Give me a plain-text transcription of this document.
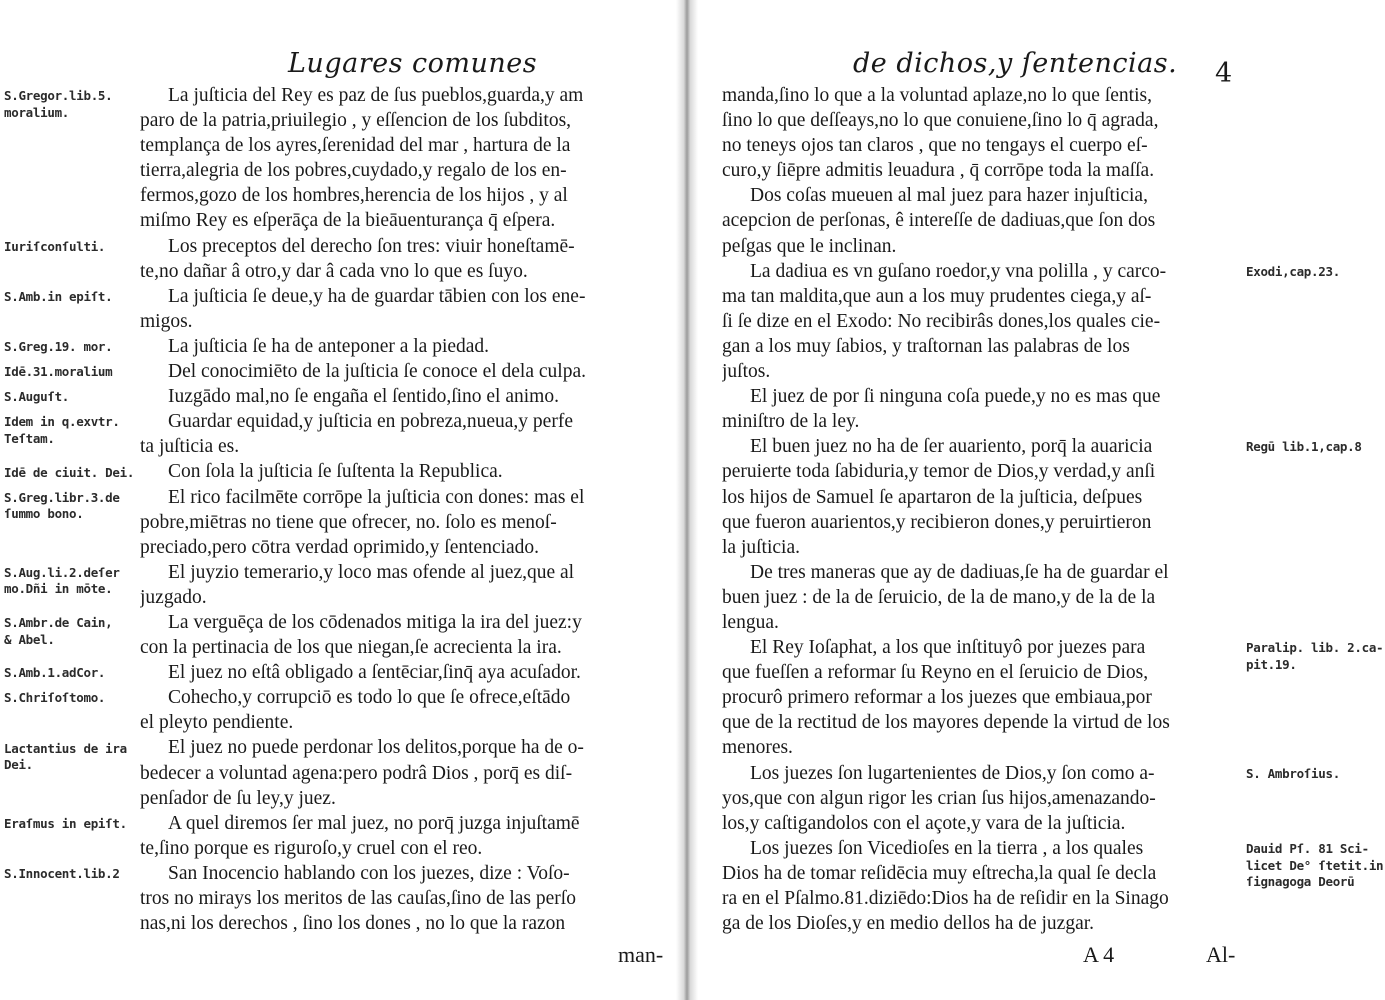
Lugares comunes
S.Gregor.lib.5.
moralium.
Iuriſconſulti.
S.Amb.in epiſt.
S.Greg.19. mor.
Idē.31.moralium
S.Auguſt.
Idem in q.exvtr.
Teſtam.
Idē de ciuit. Dei.
S.Greg.libr.3.de
ſummo bono.
S.Aug.li.2.deſer
mo.Dñi in mōte.
S.Ambr.de Cain,
& Abel.
S.Amb.1.adCor.
S.Chriſoſtomo.
Lactantius de ira
Dei.
Eraſmus in epiſt.
S.Innocent.lib.2
La juſticia del Rey es paz de ſus pueblos,guarda,y am
paro de la patria,priuilegio , y eſſencion de los ſubditos,
templança de los ayres,ſerenidad del mar , hartura de la
tierra,alegria de los pobres,cuydado,y regalo de los en-
fermos,gozo de los hombres,herencia de los hijos , y al
miſmo Rey es eſperāça de la bieāuenturança q̄ eſpera.
Los preceptos del derecho ſon tres: viuir honeſtamē-
te,no dañar â otro,y dar â cada vno lo que es ſuyo.
La juſticia ſe deue,y ha de guardar tābien con los ene-
migos.
La juſticia ſe ha de anteponer a la piedad.
Del conocimiēto de la juſticia ſe conoce el dela culpa.
Iuzgādo mal,no ſe engaña el ſentido,ſino el animo.
Guardar equidad,y juſticia en pobreza,nueua,y perfe
ta juſticia es.
Con ſola la juſticia ſe ſuſtenta la Republica.
El rico facilmēte corrōpe la juſticia con dones: mas el
pobre,miētras no tiene que ofrecer, no. ſolo es menoſ-
preciado,pero cōtra verdad oprimido,y ſentenciado.
El juyzio temerario,y loco mas ofende al juez,que al
juzgado.
La verguēça de los cōdenados mitiga la ira del juez:y
con la pertinacia de los que niegan,ſe acrecienta la ira.
El juez no eſtâ obligado a ſentēciar,ſinq̄ aya acuſador.
Cohecho,y corrupciō es todo lo que ſe ofrece,eſtādo
el pleyto pendiente.
El juez no puede perdonar los delitos,porque ha de o-
bedecer a voluntad agena:pero podrâ Dios , porq̄ es diſ-
penſador de ſu ley,y juez.
A quel diremos ſer mal juez, no porq̄ juzga injuſtamē
te,ſino porque es riguroſo,y cruel con el reo.
San Inocencio hablando con los juezes, dize : Voſo-
tros no mirays los meritos de las cauſas,ſino de las perſo
nas,ni los derechos , ſino los dones , no lo que la razon
man-
de dichos,y ſentencias. 4
Exodi,cap.23.
Regū lib.1,cap.8
Paralip. lib. 2.ca-
pit.19.
S. Ambroſius.
Dauid Pſ. 81 Sci-
licet De° ſtetit.in
ſignagoga Deorū
manda,ſino lo que a la voluntad aplaze,no lo que ſentis,
ſino lo que deſſeays,no lo que conuiene,ſino lo q̄ agrada,
no teneys ojos tan claros , que no tengays el cuerpo eſ-
curo,y ſiēpre admitis leuadura , q̄ corrōpe toda la maſſa.
Dos coſas mueuen al mal juez para hazer injuſticia,
acepcion de perſonas, ê intereſſe de dadiuas,que ſon dos
peſgas que le inclinan.
La dadiua es vn guſano roedor,y vna polilla , y carco-
ma tan maldita,que aun a los muy prudentes ciega,y aſ-
ſi ſe dize en el Exodo: No recibirâs dones,los quales cie-
gan a los muy ſabios, y traſtornan las palabras de los
juſtos.
El juez de por ſi ninguna coſa puede,y no es mas que
miniſtro de la ley.
El buen juez no ha de ſer auariento, porq̄ la auaricia
peruierte toda ſabiduria,y temor de Dios,y verdad,y anſi
los hijos de Samuel ſe apartaron de la juſticia, deſpues
que fueron auarientos,y recibieron dones,y peruirtieron
la juſticia.
De tres maneras que ay de dadiuas,ſe ha de guardar el
buen juez : de la de ſeruicio, de la de mano,y de la de la
lengua.
El Rey Ioſaphat, a los que inſtituyô por juezes para
que fueſſen a reformar ſu Reyno en el ſeruicio de Dios,
procurô primero reformar a los juezes que embiaua,por
que de la rectitud de los mayores depende la virtud de los
menores.
Los juezes ſon lugartenientes de Dios,y ſon como a-
yos,que con algun rigor les crian ſus hijos,amenazando-
los,y caſtigandolos con el açote,y vara de la juſticia.
Los juezes ſon Vicedioſes en la tierra , a los quales
Dios ha de tomar reſidēcia muy eſtrecha,la qual ſe decla
ra en el Pſalmo.81.diziēdo:Dios ha de reſidir en la Sinago
ga de los Dioſes,y en medio dellos ha de juzgar.
A 4	Al-
